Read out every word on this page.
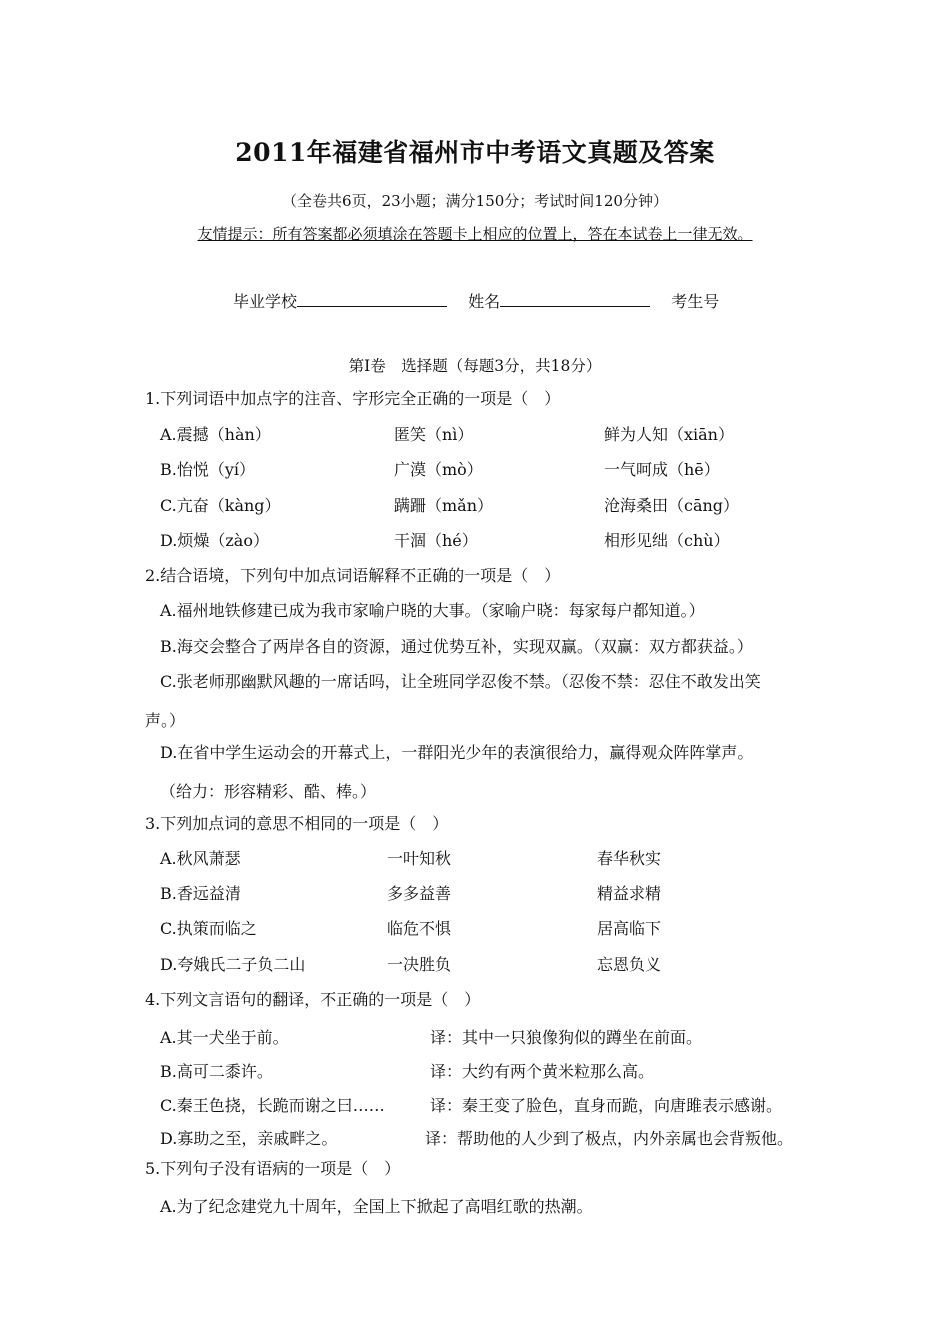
2011年福建省福州市中考语文真题及答案
（全卷共6页，23小题；满分150分；考试时间120分钟）
友情提示：所有答案都必须填涂在答题卡上相应的位置上，答在本试卷上一律无效。
毕业学校	姓名	考生号
第Ⅰ卷　选择题（每题3分，共18分）
1.下列词语中加点字的注音、字形完全正确的一项是（　）
A.震撼（hàn）	匿笑（nì）	鲜为人知（xiān）
B.怡悦（yí）	广漠（mò）	一气呵成（hē）
C.亢奋（kàng）	蹒跚（mǎn）	沧海桑田（cāng）
D.烦燥（zào）	干涸（hé）	相形见绌（chù）
2.结合语境，下列句中加点词语解释不正确的一项是（　）
A.福州地铁修建已成为我市家喻户晓的大事。（家喻户晓：每家每户都知道。）
B.海交会整合了两岸各自的资源，通过优势互补，实现双赢。（双赢：双方都获益。）
C.张老师那幽默风趣的一席话吗，让全班同学忍俊不禁。（忍俊不禁：忍住不敢发出笑
声。）
D.在省中学生运动会的开幕式上，一群阳光少年的表演很给力，赢得观众阵阵掌声。
（给力：形容精彩、酷、棒。）
3.下列加点词的意思不相同的一项是（　）
A.秋风萧瑟	一叶知秋	春华秋实
B.香远益清	多多益善	精益求精
C.执策而临之	临危不惧	居高临下
D.夸娥氏二子负二山	一决胜负	忘恩负义
4.下列文言语句的翻译，不正确的一项是（　）
A.其一犬坐于前。	译：其中一只狼像狗似的蹲坐在前面。
B.高可二黍许。	译：大约有两个黄米粒那么高。
C.秦王色挠，长跪而谢之曰……	译：秦王变了脸色，直身而跪，向唐雎表示感谢。
D.寡助之至，亲戚畔之。	译：帮助他的人少到了极点，内外亲属也会背叛他。
5.下列句子没有语病的一项是（　）
A.为了纪念建党九十周年，全国上下掀起了高唱红歌的热潮。
